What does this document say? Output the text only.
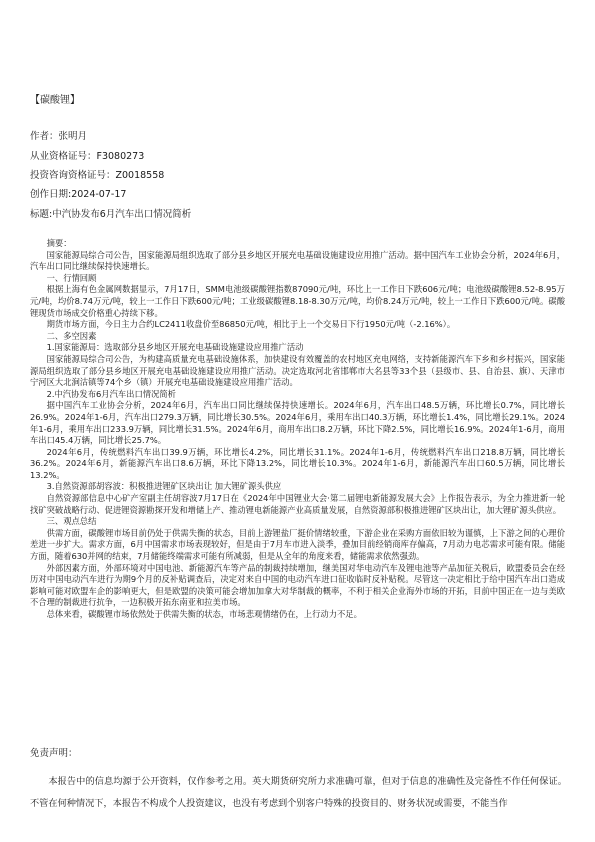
【碳酸锂】
作者：张明月
从业资格证号：F3080273
投资咨询资格证号：Z0018558
创作日期:2024-07-17
标题:中汽协发布6月汽车出口情况简析

摘要：

国家能源局综合司公告，国家能源局组织选取了部分县乡地区开展充电基础设施建设应用推广活动。据中国汽车工业协会分析，2024年6月，汽车出口同比继续保持快速增长。

一、行情回顾

根据上海有色金属网数据显示，7月17日，SMM电池级碳酸锂指数87090元/吨，环比上一工作日下跌606元/吨；电池级碳酸锂8.52-8.95万元/吨，均价8.74万元/吨，较上一工作日下跌600元/吨；工业级碳酸锂8.18-8.30万元/吨，均价8.24万元/吨，较上一工作日下跌600元/吨。碳酸锂现货市场成交价格重心持续下移。

期货市场方面，今日主力合约LC2411收盘价至86850元/吨，相比于上一个交易日下行1950元/吨（-2.16%）。

二、多空因素

1.国家能源局：选取部分县乡地区开展充电基础设施建设应用推广活动

国家能源局综合司公告，为构建高质量充电基础设施体系，加快建设有效覆盖的农村地区充电网络，支持新能源汽车下乡和乡村振兴，国家能源局组织选取了部分县乡地区开展充电基础设施建设应用推广活动。决定选取河北省邯郸市大名县等33个县（县级市、县、自治县、旗）、天津市宁河区大北涧沽镇等74个乡（镇）开展充电基础设施建设应用推广活动。

2.中汽协发布6月汽车出口情况简析

据中国汽车工业协会分析，2024年6月，汽车出口同比继续保持快速增长。2024年6月，汽车出口48.5万辆，环比增长0.7%，同比增长26.9%。2024年1-6月，汽车出口279.3万辆，同比增长30.5%。2024年6月，乘用车出口40.3万辆，环比增长1.4%，同比增长29.1%。2024年1-6月，乘用车出口233.9万辆，同比增长31.5%。2024年6月，商用车出口8.2万辆，环比下降2.5%，同比增长16.9%。2024年1-6月，商用车出口45.4万辆，同比增长25.7%。

2024年6月，传统燃料汽车出口39.9万辆，环比增长4.2%，同比增长31.1%。2024年1-6月，传统燃料汽车出口218.8万辆，同比增长36.2%。2024年6月，新能源汽车出口8.6万辆，环比下降13.2%，同比增长10.3%。2024年1-6月，新能源汽车出口60.5万辆，同比增长13.2%。

3.自然资源部胡容波：积极推进锂矿区块出让 加大锂矿源头供应

自然资源部信息中心矿产室副主任胡容波7月17日在《2024年中国锂业大会·第二届锂电新能源发展大会》上作报告表示，为全力推进新一轮找矿突破战略行动、促进锂资源勘探开发和增储上产、推动锂电新能源产业高质量发展，自然资源部积极推进锂矿区块出让，加大锂矿源头供应。

三、观点总结

供需方面，碳酸锂市场目前仍处于供需失衡的状态，目前上游锂盐厂挺价情绪较重，下游企业在采购方面依旧较为谨慎，上下游之间的心理价差进一步扩大。需求方面，6月中国需求市场表现较好，但是由于7月车市进入淡季，叠加目前经销商库存偏高，7月动力电芯需求可能有限。储能方面，随着630并网的结束，7月储能终端需求可能有所减弱，但是从全年的角度来看，储能需求依然强劲。

外部因素方面，外部环境对中国电池、新能源汽车等产品的制裁持续增加，继美国对华电动汽车及锂电池等产品加征关税后，欧盟委员会在经历对中国电动汽车进行为期9个月的反补贴调查后，决定对来自中国的电动汽车进口征收临时反补贴税。尽管这一决定相比于给中国汽车出口造成影响可能对欧盟车企的影响更大，但是欧盟的决策可能会增加加拿大对华制裁的概率，不利于相关企业海外市场的开拓，目前中国正在一边与美欧不合理的制裁进行抗争，一边积极开拓东南亚和拉美市场。

总体来看，碳酸锂市场依然处于供需失衡的状态，市场悲观情绪仍在，上行动力不足。

免责声明：
本报告中的信息均源于公开资料，仅作参考之用。英大期货研究所力求准确可靠，但对于信息的准确性及完备性不作任何保证。不管在何种情况下，本报告不构成个人投资建议，也没有考虑到个别客户特殊的投资目的、财务状况或需要，不能当作
